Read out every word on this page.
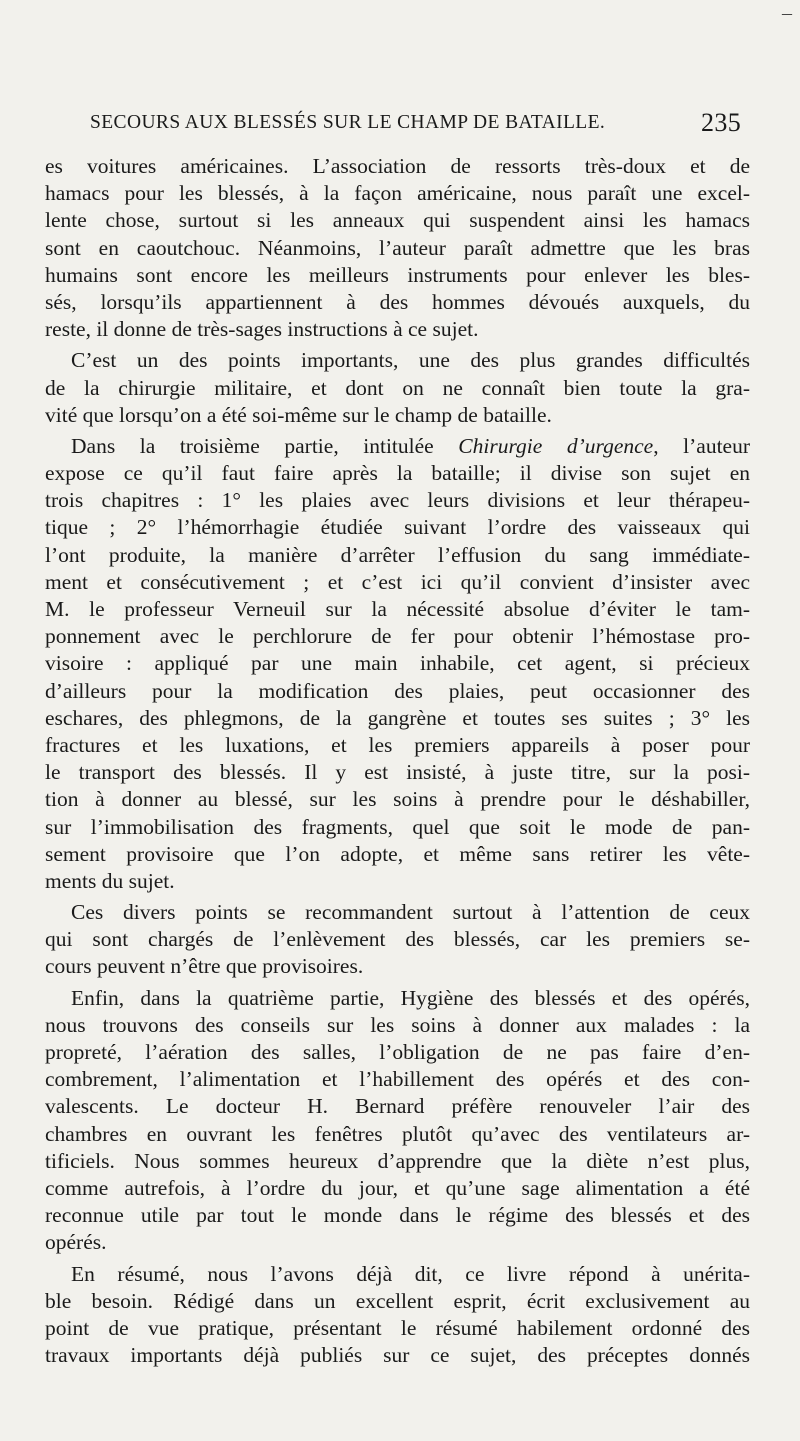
–
SECOURS AUX BLESSÉS SUR LE CHAMP DE BATAILLE.	235
es voitures américaines. L’association de ressorts très-doux et de
hamacs pour les blessés, à la façon américaine, nous paraît une excel-
lente chose, surtout si les anneaux qui suspendent ainsi les hamacs
sont en caoutchouc. Néanmoins, l’auteur paraît admettre que les bras
humains sont encore les meilleurs instruments pour enlever les bles-
sés, lorsqu’ils appartiennent à des hommes dévoués auxquels, du
reste, il donne de très-sages instructions à ce sujet.
C’est un des points importants, une des plus grandes difficultés
de la chirurgie militaire, et dont on ne connaît bien toute la gra-
vité que lorsqu’on a été soi-même sur le champ de bataille.
Dans la troisième partie, intitulée Chirurgie d’urgence, l’auteur
expose ce qu’il faut faire après la bataille; il divise son sujet en
trois chapitres : 1° les plaies avec leurs divisions et leur thérapeu-
tique ; 2° l’hémorrhagie étudiée suivant l’ordre des vaisseaux qui
l’ont produite, la manière d’arrêter l’effusion du sang immédiate-
ment et consécutivement ; et c’est ici qu’il convient d’insister avec
M. le professeur Verneuil sur la nécessité absolue d’éviter le tam-
ponnement avec le perchlorure de fer pour obtenir l’hémostase pro-
visoire : appliqué par une main inhabile, cet agent, si précieux
d’ailleurs pour la modification des plaies, peut occasionner des
eschares, des phlegmons, de la gangrène et toutes ses suites ; 3° les
fractures et les luxations, et les premiers appareils à poser pour
le transport des blessés. Il y est insisté, à juste titre, sur la posi-
tion à donner au blessé, sur les soins à prendre pour le déshabiller,
sur l’immobilisation des fragments, quel que soit le mode de pan-
sement provisoire que l’on adopte, et même sans retirer les vête-
ments du sujet.
Ces divers points se recommandent surtout à l’attention de ceux
qui sont chargés de l’enlèvement des blessés, car les premiers se-
cours peuvent n’être que provisoires.
Enfin, dans la quatrième partie, Hygiène des blessés et des opérés,
nous trouvons des conseils sur les soins à donner aux malades : la
propreté, l’aération des salles, l’obligation de ne pas faire d’en-
combrement, l’alimentation et l’habillement des opérés et des con-
valescents. Le docteur H. Bernard préfère renouveler l’air des
chambres en ouvrant les fenêtres plutôt qu’avec des ventilateurs ar-
tificiels. Nous sommes heureux d’apprendre que la diète n’est plus,
comme autrefois, à l’ordre du jour, et qu’une sage alimentation a été
reconnue utile par tout le monde dans le régime des blessés et des
opérés.
En résumé, nous l’avons déjà dit, ce livre répond à unérita-
ble besoin. Rédigé dans un excellent esprit, écrit exclusivement au
point de vue pratique, présentant le résumé habilement ordonné des
travaux importants déjà publiés sur ce sujet, des préceptes donnés
